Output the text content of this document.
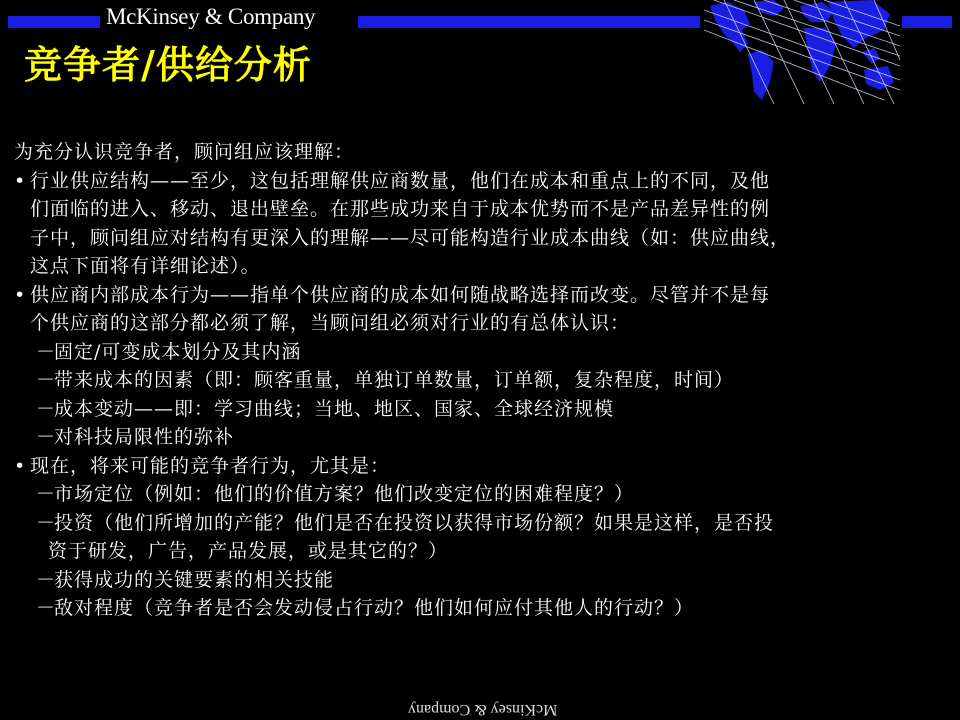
McKinsey & Company
竞争者/供给分析

为充分认识竞争者，顾问组应该理解：

• 行业供应结构——至少，这包括理解供应商数量，他们在成本和重点上的不同，及他

们面临的进入、移动、退出壁垒。在那些成功来自于成本优势而不是产品差异性的例

子中，顾问组应对结构有更深入的理解——尽可能构造行业成本曲线（如：供应曲线，

这点下面将有详细论述）。

• 供应商内部成本行为——指单个供应商的成本如何随战略选择而改变。尽管并不是每

个供应商的这部分都必须了解，当顾问组必须对行业的有总体认识：

－固定/可变成本划分及其内涵

－带来成本的因素（即：顾客重量，单独订单数量，订单额，复杂程度，时间）

－成本变动——即：学习曲线；当地、地区、国家、全球经济规模

－对科技局限性的弥补

• 现在，将来可能的竞争者行为，尤其是：

－市场定位（例如：他们的价值方案？他们改变定位的困难程度？）

－投资（他们所增加的产能？他们是否在投资以获得市场份额？如果是这样，是否投
资于研发，广告，产品发展，或是其它的？）

－获得成功的关键要素的相关技能

－敌对程度（竞争者是否会发动侵占行动？他们如何应付其他人的行动？）

McKinsey & Company
